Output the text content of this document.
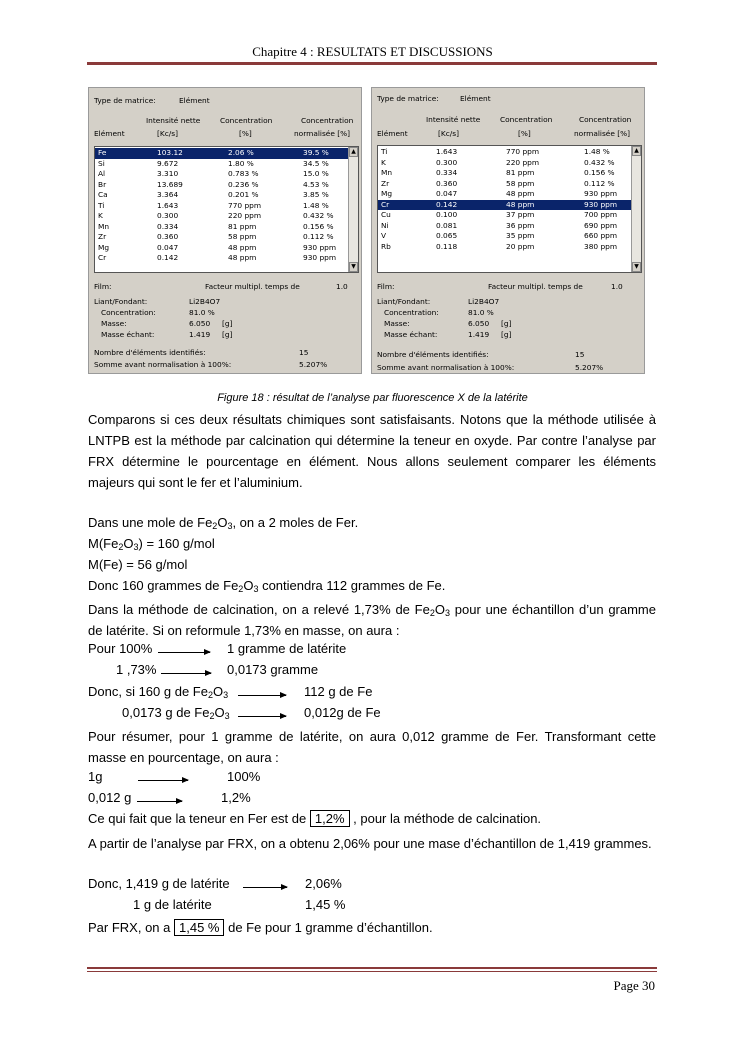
Chapitre 4 : RESULTATS ET DISCUSSIONS
Type de matrice:	Elément
Intensité nette	Concentration	Concentration
Elément	[Kc/s]	[%]	normalisée [%]
Cr	0.142	48 ppm	930 ppm
Mg	0.047	48 ppm	930 ppm
Zr	0.360	58 ppm	0.112 %
Mn	0.334	81 ppm	0.156 %
K	0.300	220 ppm	0.432 %
Ti	1.643	770 ppm	1.48 %
Ca	3.364	0.201 %	3.85 %
Br	13.689	0.236 %	4.53 %
Al	3.310	0.783 %	15.0 %
Si	9.672	1.80 %	34.5 %
Fe	103.12	2.06 %	39.5 %	▲
▼
Film:	Facteur multipl. temps de	1.0
Liant/Fondant:	Li2B4O7
Concentration:	81.0 %
Masse:	6.050 [g]
Masse échant:	1.419 [g]
Nombre d'éléments identifiés:	15
Somme avant normalisation à 100%:	5.207%
Type de matrice:	Elément
Intensité nette	Concentration	Concentration
Elément	[Kc/s]	[%]	normalisée [%]
Rb	0.118	20 ppm	380 ppm
V	0.065	35 ppm	660 ppm
Ni	0.081	36 ppm	690 ppm
Cu	0.100	37 ppm	700 ppm
Cr	0.142	48 ppm	930 ppm
Mg	0.047	48 ppm	930 ppm
Zr	0.360	58 ppm	0.112 %
Mn	0.334	81 ppm	0.156 %
K	0.300	220 ppm	0.432 %
Ti	1.643	770 ppm	1.48 %	▲
▼
Film:	Facteur multipl. temps de	1.0
Liant/Fondant:	Li2B4O7
Concentration:	81.0 %
Masse:	6.050 [g]
Masse échant:	1.419 [g]
Nombre d'éléments identifiés:	15
Somme avant normalisation à 100%:	5.207%
Figure 18 : résultat de l’analyse par fluorescence X de la latérite
Comparons si ces deux résultats chimiques sont satisfaisants. Notons que la méthode utilisée à LNTPB est la méthode par calcination qui détermine la teneur en oxyde. Par contre l’analyse par FRX détermine le pourcentage en élément. Nous allons seulement comparer les éléments majeurs qui sont le fer et l’aluminium.
Dans une mole de $Fe_2O_3$, on a 2 moles de Fer.
$M(Fe_2O_3) = 160$ g/mol
M(Fe) = 56 g/mol
Donc 160 grammes de $Fe_2O_3$ contiendra 112 grammes de Fe.
Dans la méthode de calcination, on a relevé 1,73% de $Fe_2O_3$ pour une échantillon d’un gramme de latérite. Si on reformule 1,73% en masse, on aura :
Pour 100%	1 gramme de latérite
1 ,73%	0,0173 gramme
Donc, si 160 g de $Fe_2O_3$	112 g de Fe
0,0173 g de $Fe_2O_3$	0,012g de Fe
Pour résumer, pour 1 gramme de latérite, on aura 0,012 gramme de Fer. Transformant cette masse en pourcentage, on aura :
1g	100%
0,012 g	1,2%
Ce qui fait que la teneur en Fer est de 1,2% , pour la méthode de calcination.
A partir de l’analyse par FRX, on a obtenu 2,06% pour une mase d’échantillon de 1,419 grammes.
Donc, 1,419 g de latérite	2,06%
1 g de latérite	1,45 %
Par FRX, on a 1,45 % de Fe pour 1 gramme d’échantillon.
Page 30
